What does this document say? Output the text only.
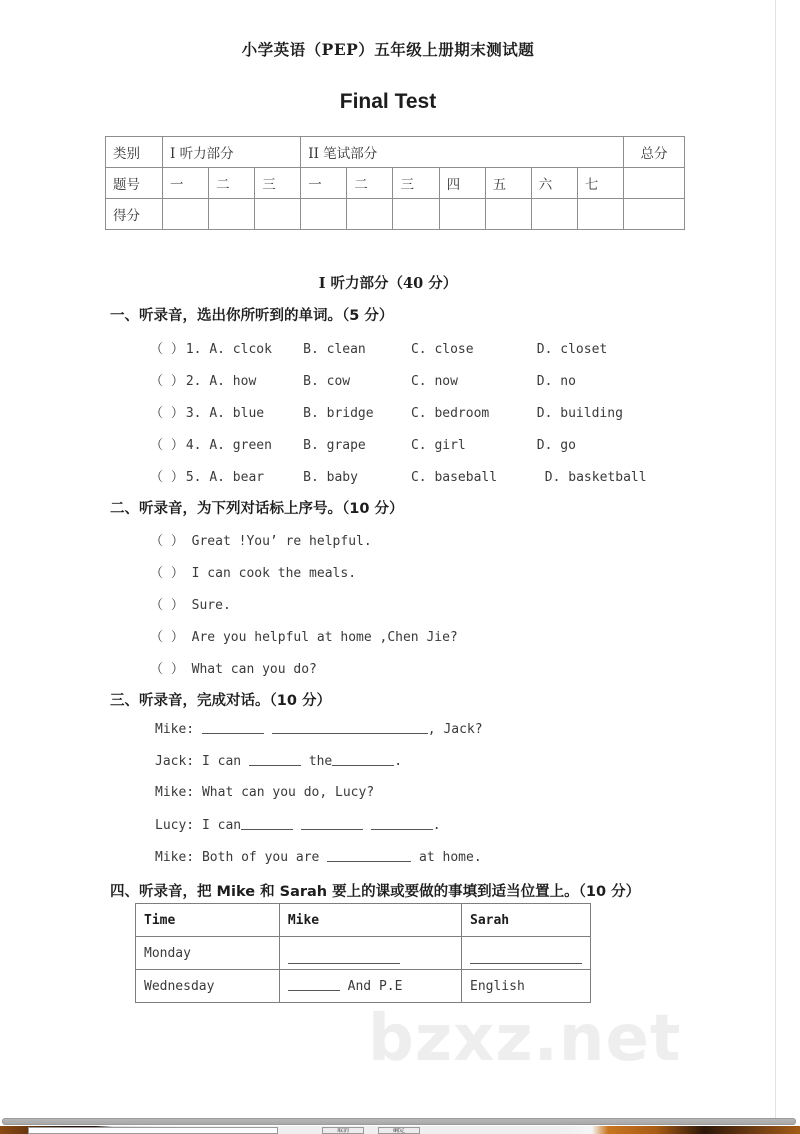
bzxz.net
小学英语（PEP）五年级上册期末测试题
Final Test
类别	I 听力部分			II 笔试部分							总分
题号	一	二	三	一	二	三	四	五	六	七	
得分											
I 听力部分（40 分）
一、听录音，选出你所听到的单词。（5 分）
（ ） 1. A. clcok B. clean	C. close	D. closet
（ ） 2. A. how	B. cow	C. now	D. no
（ ） 3. A. blue	B. bridge	C. bedroom	D. building
（ ） 4. A. green B. grape	C. girl	D. go
（ ） 5. A. bear	B. baby	C. baseball	D. basketball
二、听录音，为下列对话标上序号。（10 分）
（ ） Great !You’ re helpful.
（ ） I can cook the meals.
（ ） Sure.
（ ） Are you helpful at home ,Chen Jie?
（ ） What can you do?
三、听录音，完成对话。（10 分）
Mike:	, Jack?
Jack: I can	the	.
Mike: What can you do, Lucy?
Lucy: I can	.
Mike: Both of you are	at home.
四、听录音，把 Mike 和 Sarah 要上的课或要做的事填到适当位置上。（10 分）
Time	Mike	Sarah
Monday		
Wednesday	And P.E	English
取消	确定
